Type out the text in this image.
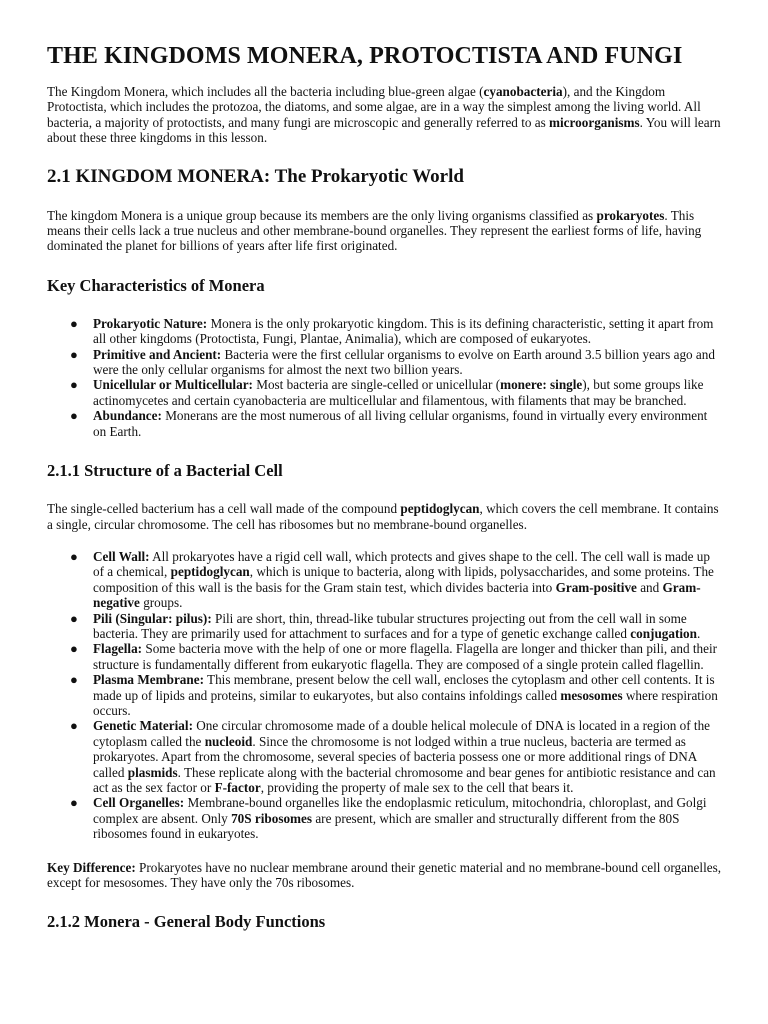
THE KINGDOMS MONERA, PROTOCTISTA AND FUNGI

The Kingdom Monera, which includes all the bacteria including blue-green algae (cyanobacteria), and the Kingdom Protoctista, which includes the protozoa, the diatoms, and some algae, are in a way the simplest among the living world. All bacteria, a majority of protoctists, and many fungi are microscopic and generally referred to as microorganisms. You will learn about these three kingdoms in this lesson.

2.1 KINGDOM MONERA: The Prokaryotic World

The kingdom Monera is a unique group because its members are the only living organisms classified as prokaryotes. This means their cells lack a true nucleus and other membrane-bound organelles. They represent the earliest forms of life, having dominated the planet for billions of years after life first originated.

Key Characteristics of Monera
● Prokaryotic Nature: Monera is the only prokaryotic kingdom. This is its defining characteristic, setting it apart from all other kingdoms (Protoctista, Fungi, Plantae, Animalia), which are composed of eukaryotes.
● Primitive and Ancient: Bacteria were the first cellular organisms to evolve on Earth around 3.5 billion years ago and were the only cellular organisms for almost the next two billion years.
● Unicellular or Multicellular: Most bacteria are single-celled or unicellular (monere: single), but some groups like actinomycetes and certain cyanobacteria are multicellular and filamentous, with filaments that may be branched.
● Abundance: Monerans are the most numerous of all living cellular organisms, found in virtually every environment on Earth.
2.1.1 Structure of a Bacterial Cell

The single-celled bacterium has a cell wall made of the compound peptidoglycan, which covers the cell membrane. It contains a single, circular chromosome. The cell has ribosomes but no membrane-bound organelles.

● Cell Wall: All prokaryotes have a rigid cell wall, which protects and gives shape to the cell. The cell wall is made up of a chemical, peptidoglycan, which is unique to bacteria, along with lipids, polysaccharides, and some proteins. The composition of this wall is the basis for the Gram stain test, which divides bacteria into Gram-positive and Gram-negative groups.
● Pili (Singular: pilus): Pili are short, thin, thread-like tubular structures projecting out from the cell wall in some bacteria. They are primarily used for attachment to surfaces and for a type of genetic exchange called conjugation.
● Flagella: Some bacteria move with the help of one or more flagella. Flagella are longer and thicker than pili, and their structure is fundamentally different from eukaryotic flagella. They are composed of a single protein called flagellin.
● Plasma Membrane: This membrane, present below the cell wall, encloses the cytoplasm and other cell contents. It is made up of lipids and proteins, similar to eukaryotes, but also contains infoldings called mesosomes where respiration occurs.
● Genetic Material: One circular chromosome made of a double helical molecule of DNA is located in a region of the cytoplasm called the nucleoid. Since the chromosome is not lodged within a true nucleus, bacteria are termed as prokaryotes. Apart from the chromosome, several species of bacteria possess one or more additional rings of DNA called plasmids. These replicate along with the bacterial chromosome and bear genes for antibiotic resistance and can act as the sex factor or F-factor, providing the property of male sex to the cell that bears it.
● Cell Organelles: Membrane-bound organelles like the endoplasmic reticulum, mitochondria, chloroplast, and Golgi complex are absent. Only 70S ribosomes are present, which are smaller and structurally different from the 80S ribosomes found in eukaryotes.

Key Difference: Prokaryotes have no nuclear membrane around their genetic material and no membrane-bound cell organelles, except for mesosomes. They have only the 70s ribosomes.

2.1.2 Monera - General Body Functions
